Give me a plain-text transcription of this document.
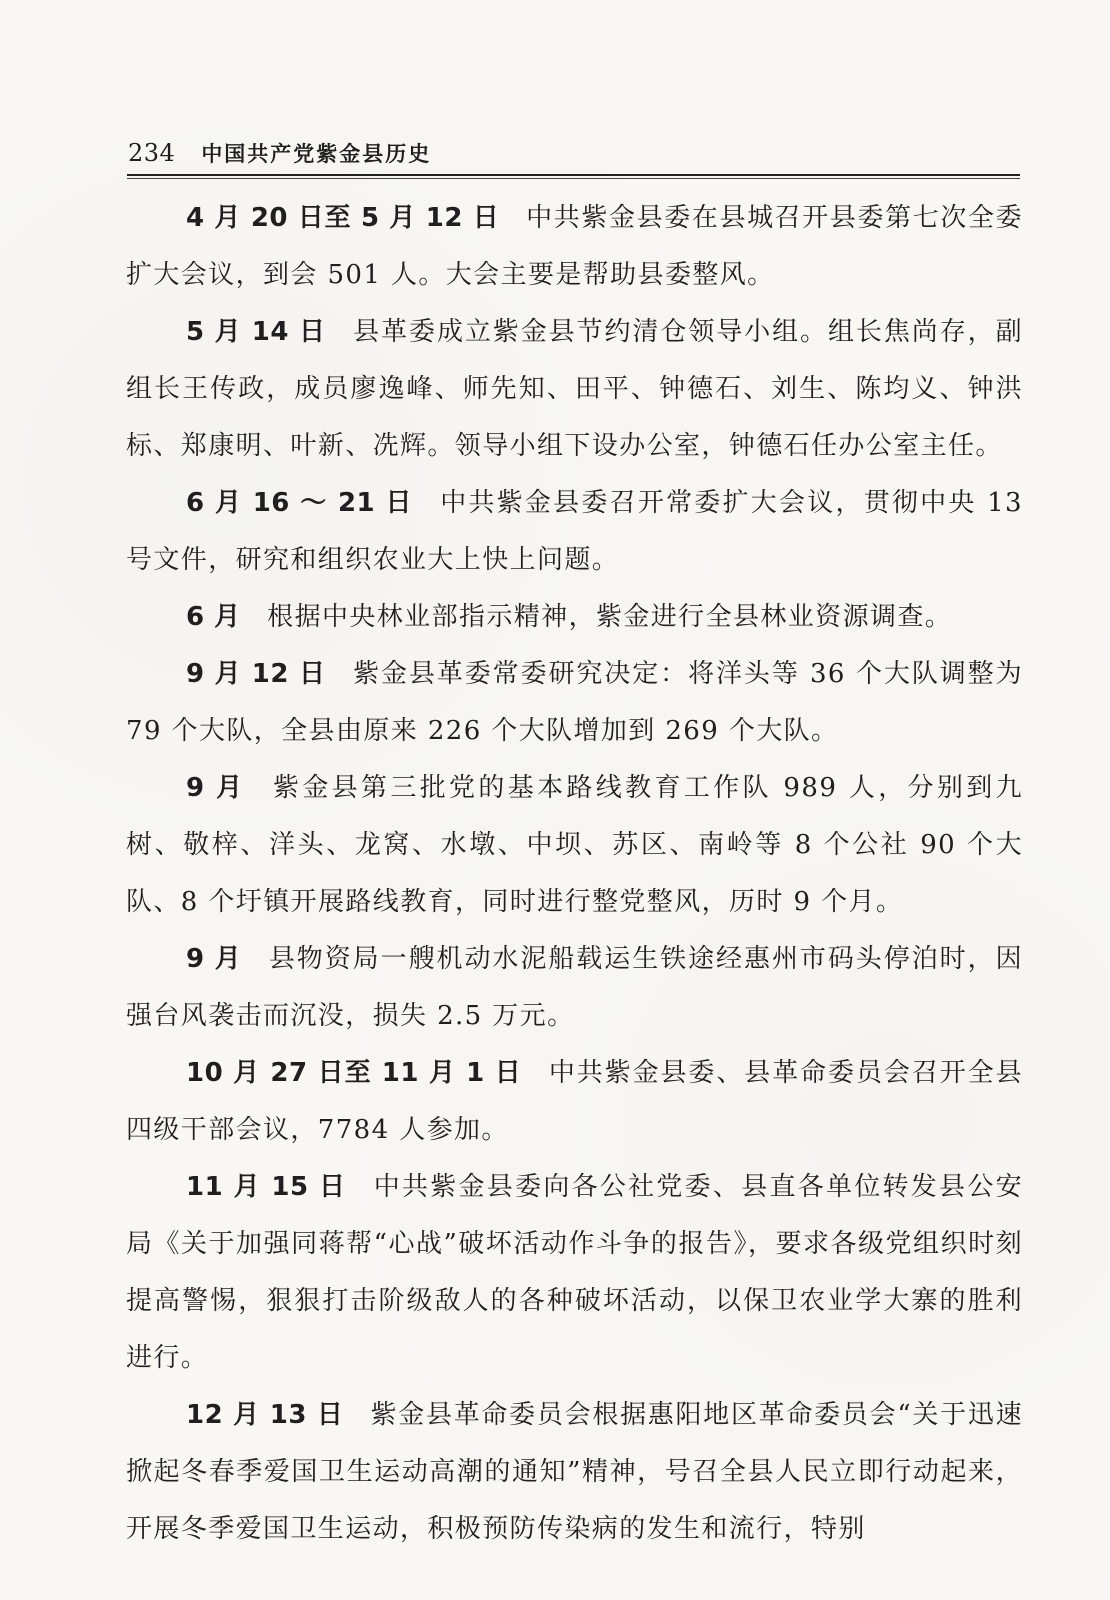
234 中国共产党紫金县历史

4 月 20 日至 5 月 12 日 中共紫金县委在县城召开县委第七次全委扩大会议，到会 501 人。大会主要是帮助县委整风。

5 月 14 日 县革委成立紫金县节约清仓领导小组。组长焦尚存，副组长王传政，成员廖逸峰、师先知、田平、钟德石、刘生、陈均义、钟洪标、郑康明、叶新、冼辉。领导小组下设办公室，钟德石任办公室主任。

6 月 16 ～ 21 日 中共紫金县委召开常委扩大会议，贯彻中央 13 号文件，研究和组织农业大上快上问题。

6 月 根据中央林业部指示精神，紫金进行全县林业资源调查。

9 月 12 日 紫金县革委常委研究决定：将洋头等 36 个大队调整为 79 个大队，全县由原来 226 个大队增加到 269 个大队。

9 月 紫金县第三批党的基本路线教育工作队 989 人，分别到九树、敬梓、洋头、龙窝、水墩、中坝、苏区、南岭等 8 个公社 90 个大队、8 个圩镇开展路线教育，同时进行整党整风，历时 9 个月。

9 月 县物资局一艘机动水泥船载运生铁途经惠州市码头停泊时，因强台风袭击而沉没，损失 2.5 万元。

10 月 27 日至 11 月 1 日 中共紫金县委、县革命委员会召开全县四级干部会议，7784 人参加。

11 月 15 日 中共紫金县委向各公社党委、县直各单位转发县公安局《关于加强同蒋帮“心战”破坏活动作斗争的报告》，要求各级党组织时刻提高警惕，狠狠打击阶级敌人的各种破坏活动，以保卫农业学大寨的胜利进行。

12 月 13 日 紫金县革命委员会根据惠阳地区革命委员会“关于迅速掀起冬春季爱国卫生运动高潮的通知”精神，号召全县人民立即行动起来，开展冬季爱国卫生运动，积极预防传染病的发生和流行，特别
